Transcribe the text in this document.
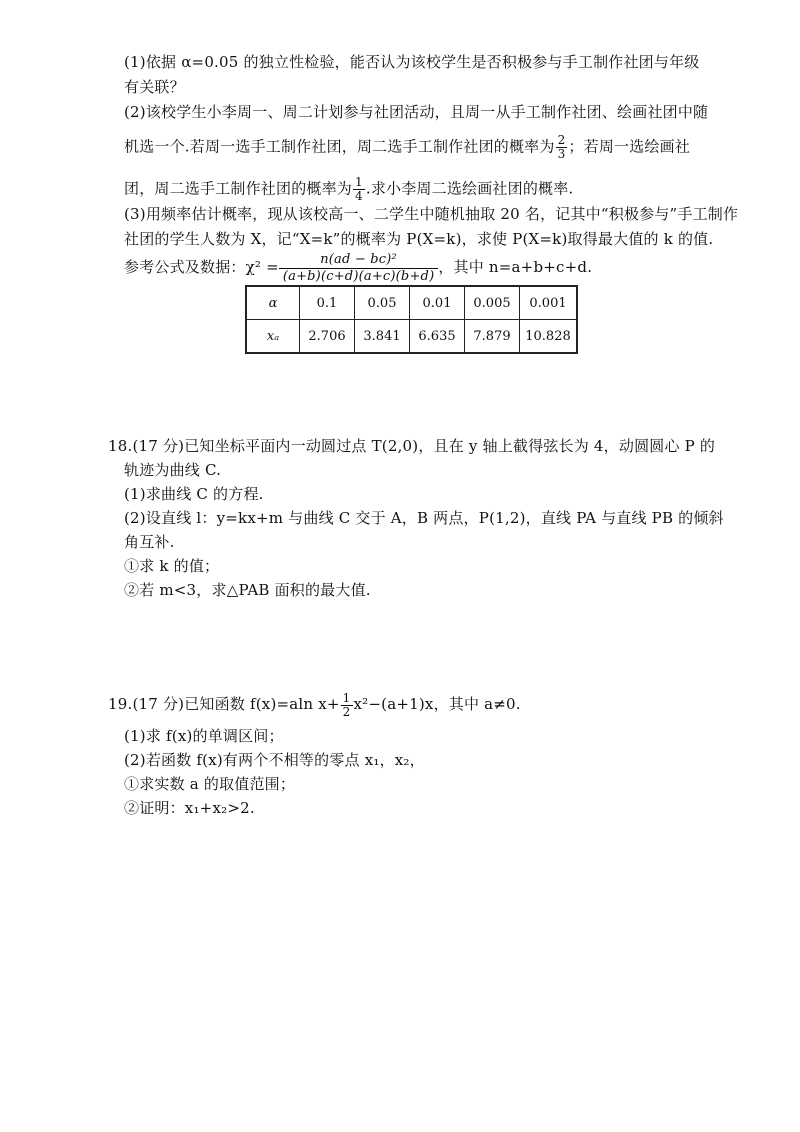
(1)依据 α=0.05 的独立性检验，能否认为该校学生是否积极参与手工制作社团与年级
有关联？
(2)该校学生小李周一、周二计划参与社团活动，且周一从手工制作社团、绘画社团中随
机选一个.若周一选手工制作社团，周二选手工制作社团的概率为 $\frac{2}{3}$ ；若周一选绘画社
团，周二选手工制作社团的概率为 $\frac{1}{4}$ .求小李周二选绘画社团的概率.
(3)用频率估计概率，现从该校高一、二学生中随机抽取 20 名，记其中“积极参与”手工制作
社团的学生人数为 X，记“X=k”的概率为 P(X=k)，求使 P(X=k)取得最大值的 k 的值.
参考公式及数据：$\chi^2 = \frac{\text{n(ad − bc)²}}{(a+b)(c+d)(a+c)(b+d)}$ ，其中 n=a+b+c+d.
α	0.1	0.05	0.01	0.005	0.001
xₐ	2.706	3.841	6.635	7.879	10.828
18.(17 分)已知坐标平面内一动圆过点 T(2,0)，且在 y 轴上截得弦长为 4，动圆圆心 P 的
轨迹为曲线 C.
(1)求曲线 C 的方程.
(2)设直线 l：y=kx+m 与曲线 C 交于 A，B 两点，P(1,2)，直线 PA 与直线 PB 的倾斜
角互补.
①求 k 的值；
②若 m<3，求△PAB 面积的最大值.
19.(17 分)已知函数 f(x)=aln $x+ \frac{1}{2} x^2-(a+1)x$，其中 a≠0.
(1)求 f(x)的单调区间；
(2)若函数 f(x)有两个不相等的零点 x₁，x₂，
①求实数 a 的取值范围；
②证明：x₁+x₂>2.
